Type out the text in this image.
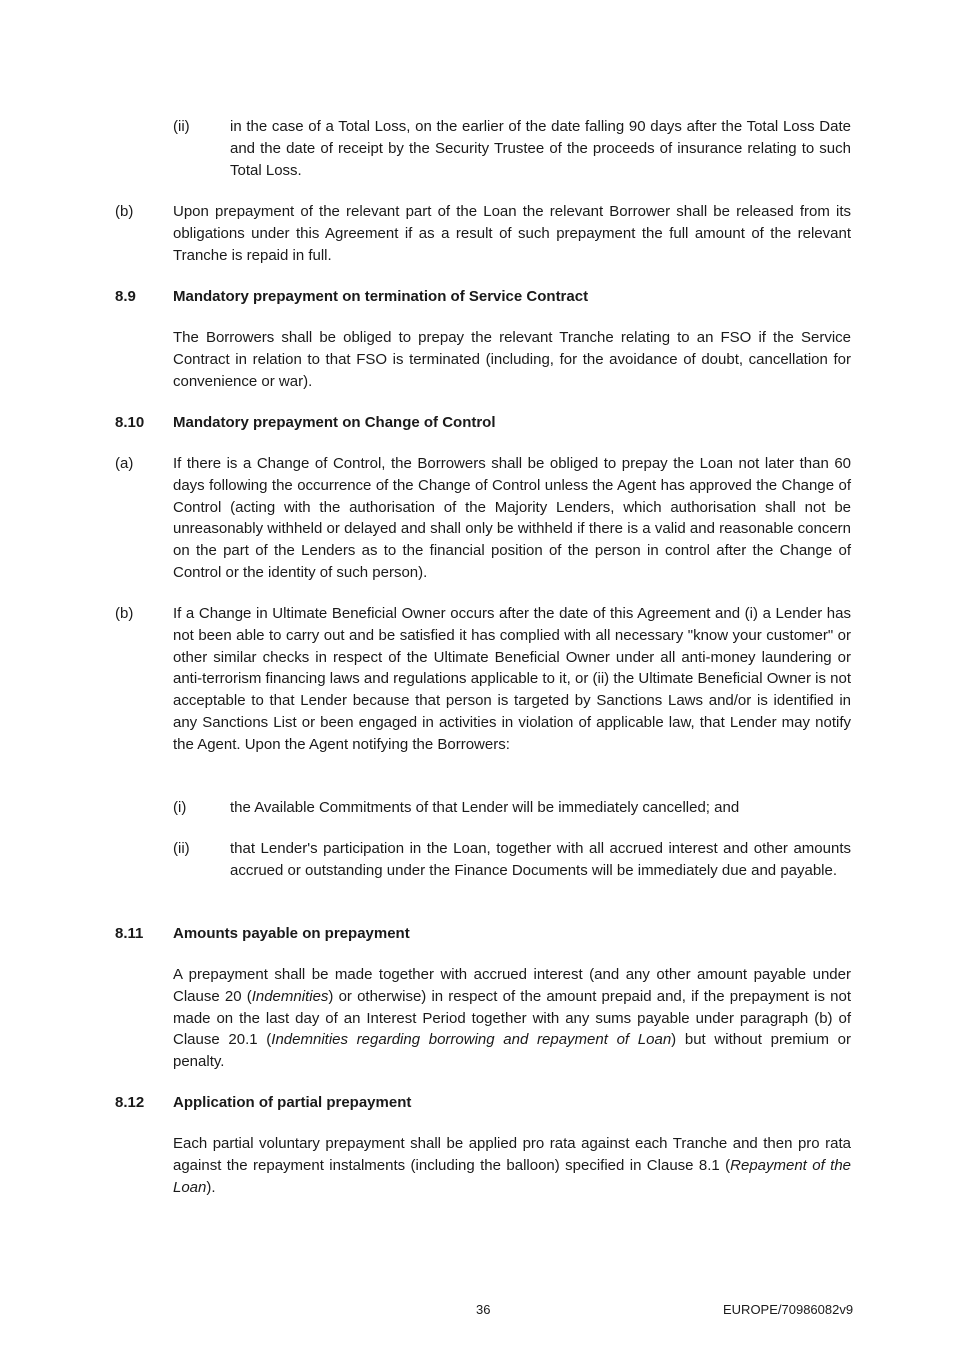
(ii)	in the case of a Total Loss, on the earlier of the date falling 90 days after the Total Loss Date and the date of receipt by the Security Trustee of the proceeds of insurance relating to such Total Loss.

(b)	Upon prepayment of the relevant part of the Loan the relevant Borrower shall be released from its obligations under this Agreement if as a result of such prepayment the full amount of the relevant Tranche is repaid in full.

8.9 Mandatory prepayment on termination of Service Contract

The Borrowers shall be obliged to prepay the relevant Tranche relating to an FSO if the Service Contract in relation to that FSO is terminated (including, for the avoidance of doubt, cancellation for convenience or war).

8.10 Mandatory prepayment on Change of Control
(a)	If there is a Change of Control, the Borrowers shall be obliged to prepay the Loan not later than 60 days following the occurrence of the Change of Control unless the Agent has approved the Change of Control (acting with the authorisation of the Majority Lenders, which authorisation shall not be unreasonably withheld or delayed and shall only be withheld if there is a valid and reasonable concern on the part of the Lenders as to the financial position of the person in control after the Change of Control or the identity of such person).

(b)	If a Change in Ultimate Beneficial Owner occurs after the date of this Agreement and (i) a Lender has not been able to carry out and be satisfied it has complied with all necessary "know your customer" or other similar checks in respect of the Ultimate Beneficial Owner under all anti-money laundering or anti-terrorism financing laws and regulations applicable to it, or (ii) the Ultimate Beneficial Owner is not acceptable to that Lender because that person is targeted by Sanctions Laws and/or is identified in any Sanctions List or been engaged in activities in violation of applicable law, that Lender may notify the Agent. Upon the Agent notifying the Borrowers:

(i)	the Available Commitments of that Lender will be immediately cancelled; and

(ii)	that Lender's participation in the Loan, together with all accrued interest and other amounts accrued or outstanding under the Finance Documents will be immediately due and payable.

8.11 Amounts payable on prepayment

A prepayment shall be made together with accrued interest (and any other amount payable under Clause 20 (Indemnities) or otherwise) in respect of the amount prepaid and, if the prepayment is not made on the last day of an Interest Period together with any sums payable under paragraph (b) of Clause 20.1 (Indemnities regarding borrowing and repayment of Loan) but without premium or penalty.

8.12 Application of partial prepayment

Each partial voluntary prepayment shall be applied pro rata against each Tranche and then pro rata against the repayment instalments (including the balloon) specified in Clause 8.1 (Repayment of the Loan).

36	EUROPE/70986082v9
